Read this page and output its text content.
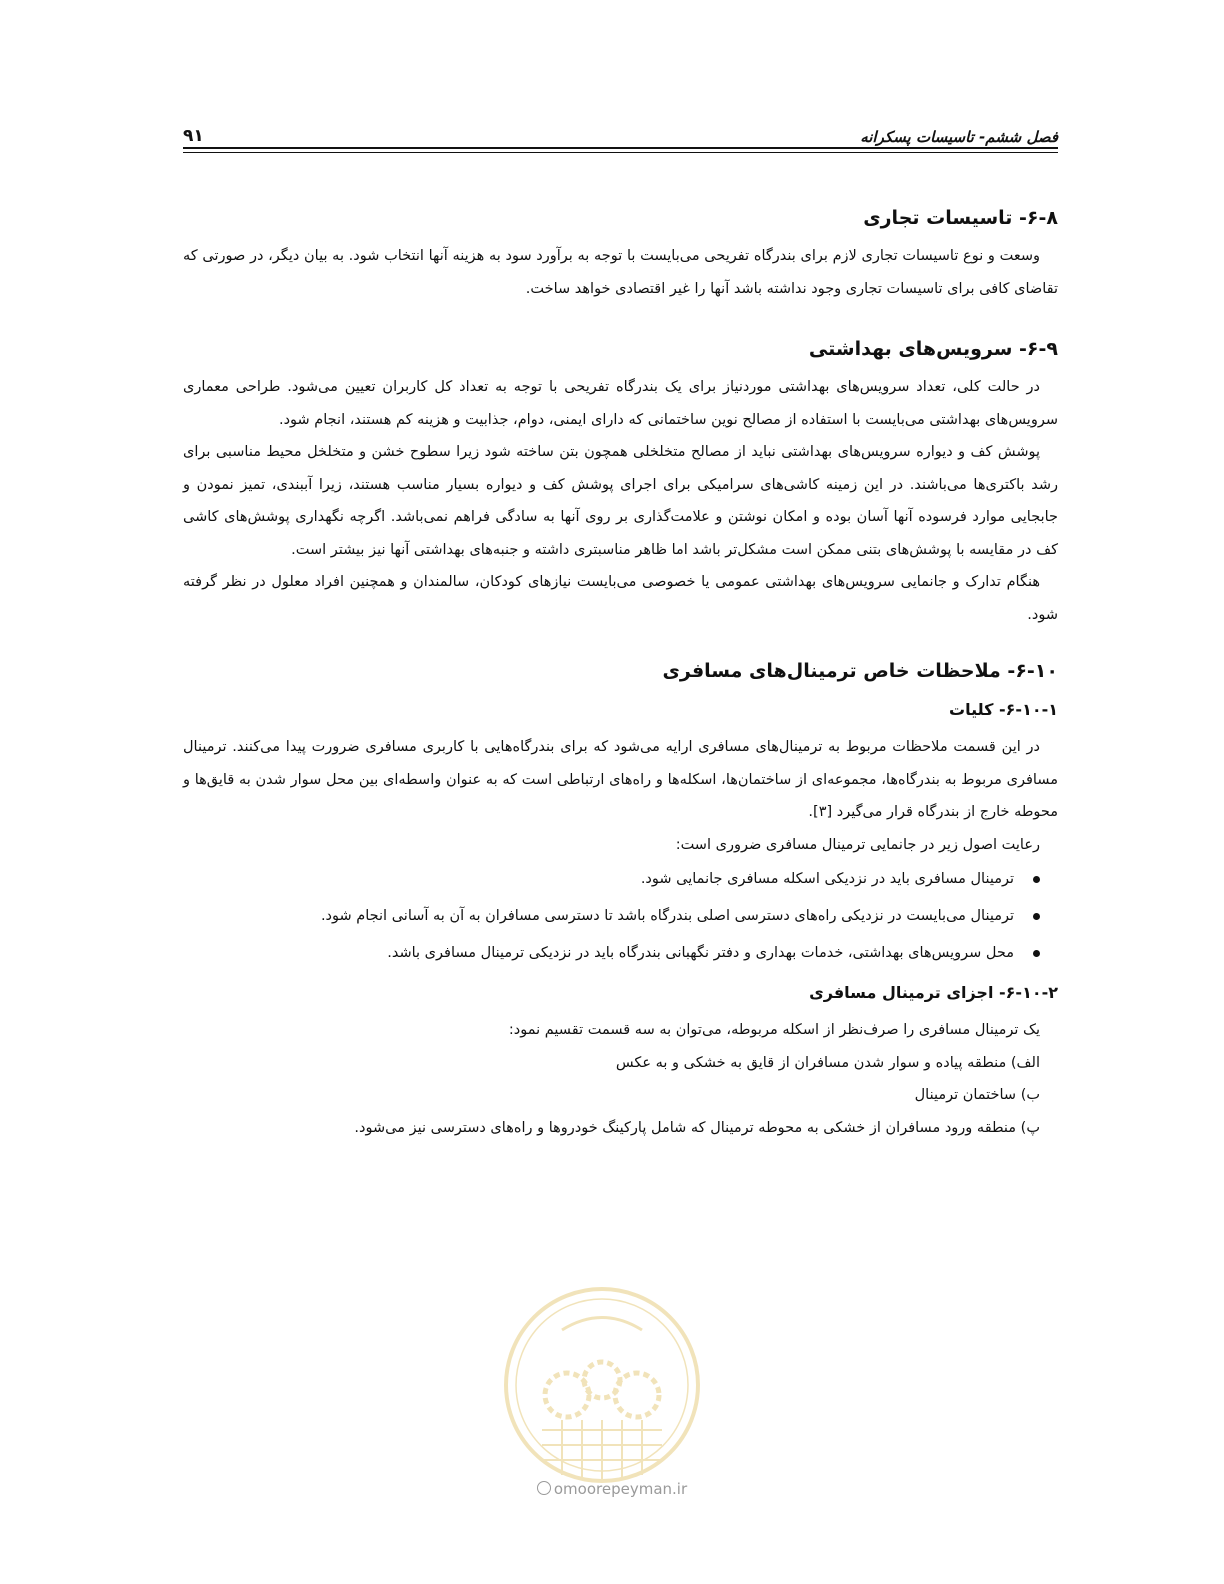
فصل ششم- تاسیسات پسکرانه
۹۱
۶-۸- تاسیسات تجاری

وسعت و نوع تاسیسات تجاری لازم برای بندرگاه تفریحی می‌بایست با توجه به برآورد سود به هزینه آنها انتخاب شود. به بیان دیگر، در صورتی که تقاضای کافی برای تاسیسات تجاری وجود نداشته باشد آنها را غیر اقتصادی خواهد ساخت.

۶-۹- سرویس‌های بهداشتی

در حالت کلی، تعداد سرویس‌های بهداشتی موردنیاز برای یک بندرگاه تفریحی با توجه به تعداد کل کاربران تعیین می‌شود. طراحی معماری سرویس‌های بهداشتی می‌بایست با استفاده از مصالح نوین ساختمانی که دارای ایمنی، دوام، جذابیت و هزینه کم هستند، انجام شود.

پوشش کف و دیواره سرویس‌های بهداشتی نباید از مصالح متخلخلی همچون بتن ساخته شود زیرا سطوح خشن و متخلخل محیط مناسبی برای رشد باکتری‌ها می‌باشند. در این زمینه کاشی‌های سرامیکی برای اجرای پوشش کف و دیواره بسیار مناسب هستند، زیرا آببندی، تمیز نمودن و جابجایی موارد فرسوده آنها آسان بوده و امکان نوشتن و علامت‌گذاری بر روی آنها به سادگی فراهم نمی‌باشد. اگرچه نگهداری پوشش‌های کاشی کف در مقایسه با پوشش‌های بتنی ممکن است مشکل‌تر باشد اما ظاهر مناسبتری داشته و جنبه‌های بهداشتی آنها نیز بیشتر است.

هنگام تدارک و جانمایی سرویس‌های بهداشتی عمومی یا خصوصی می‌بایست نیازهای کودکان، سالمندان و همچنین افراد معلول در نظر گرفته شود.

۶-۱۰- ملاحظات خاص ترمینال‌های مسافری
۶-۱۰-۱- کلیات

در این قسمت ملاحظات مربوط به ترمینال‌های مسافری ارایه می‌شود که برای بندرگاه‌هایی با کاربری مسافری ضرورت پیدا می‌کنند. ترمینال مسافری مربوط به بندرگاه‌ها، مجموعه‌ای از ساختمان‌ها، اسکله‌ها و راه‌های ارتباطی است که به عنوان واسطه‌ای بین محل سوار شدن به قایق‌ها و محوطه خارج از بندرگاه قرار می‌گیرد [۳].

رعایت اصول زیر در جانمایی ترمینال مسافری ضروری است:

ترمینال مسافری باید در نزدیکی اسکله مسافری جانمایی شود.
ترمینال می‌بایست در نزدیکی راه‌های دسترسی اصلی بندرگاه باشد تا دسترسی مسافران به آن به آسانی انجام شود.
محل سرویس‌های بهداشتی، خدمات بهداری و دفتر نگهبانی بندرگاه باید در نزدیکی ترمینال مسافری باشد.
۶-۱۰-۲- اجزای ترمینال مسافری

یک ترمینال مسافری را صرف‌نظر از اسکله مربوطه، می‌توان به سه قسمت تقسیم نمود:

الف) منطقه پیاده و سوار شدن مسافران از قایق به خشکی و به عکس

ب) ساختمان ترمینال

پ) منطقه ورود مسافران از خشکی به محوطه ترمینال که شامل پارکینگ خودروها و راه‌های دسترسی نیز می‌شود.

omoorepeyman.ir
